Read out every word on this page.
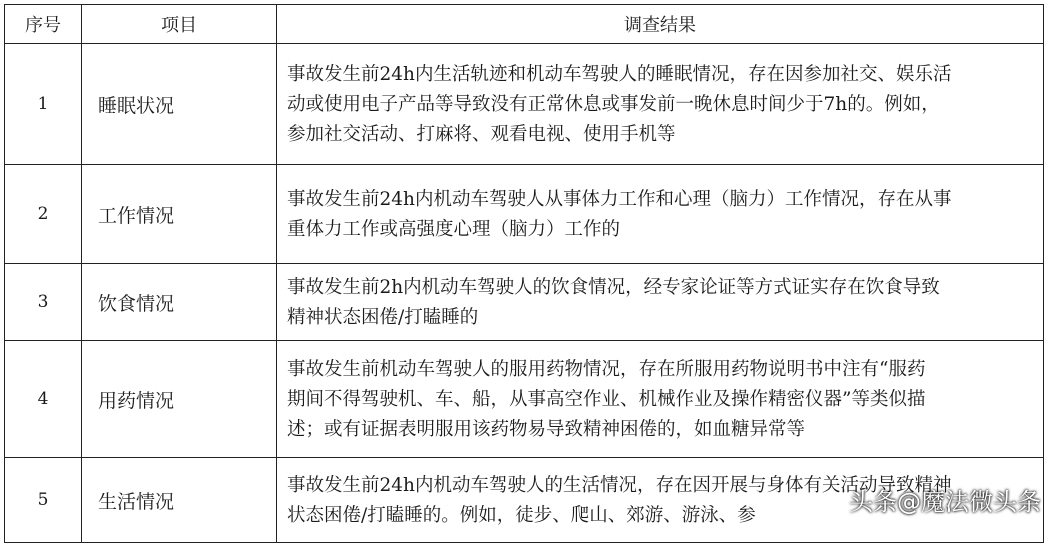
序号	项目	调查结果
1	睡眠状况	事故发生前24h内生活轨迹和机动车驾驶人的睡眠情况，存在因参加社交、娱乐活
动或使用电子产品等导致没有正常休息或事发前一晚休息时间少于7h的。例如，
参加社交活动、打麻将、观看电视、使用手机等

2	工作情况	事故发生前24h内机动车驾驶人从事体力工作和心理（脑力）工作情况，存在从事
重体力工作或高强度心理（脑力）工作的

3	饮食情况	事故发生前2h内机动车驾驶人的饮食情况，经专家论证等方式证实存在饮食导致
精神状态困倦/打瞌睡的

4	用药情况	事故发生前机动车驾驶人的服用药物情况，存在所服用药物说明书中注有“服药
期间不得驾驶机、车、船，从事高空作业、机械作业及操作精密仪器”等类似描
述；或有证据表明服用该药物易导致精神困倦的，如血糖异常等

5	生活情况	事故发生前24h内机动车驾驶人的生活情况，存在因开展与身体有关活动导致精神
状态困倦/打瞌睡的。例如，徒步、爬山、郊游、游泳、参	头条@魔法微头条
